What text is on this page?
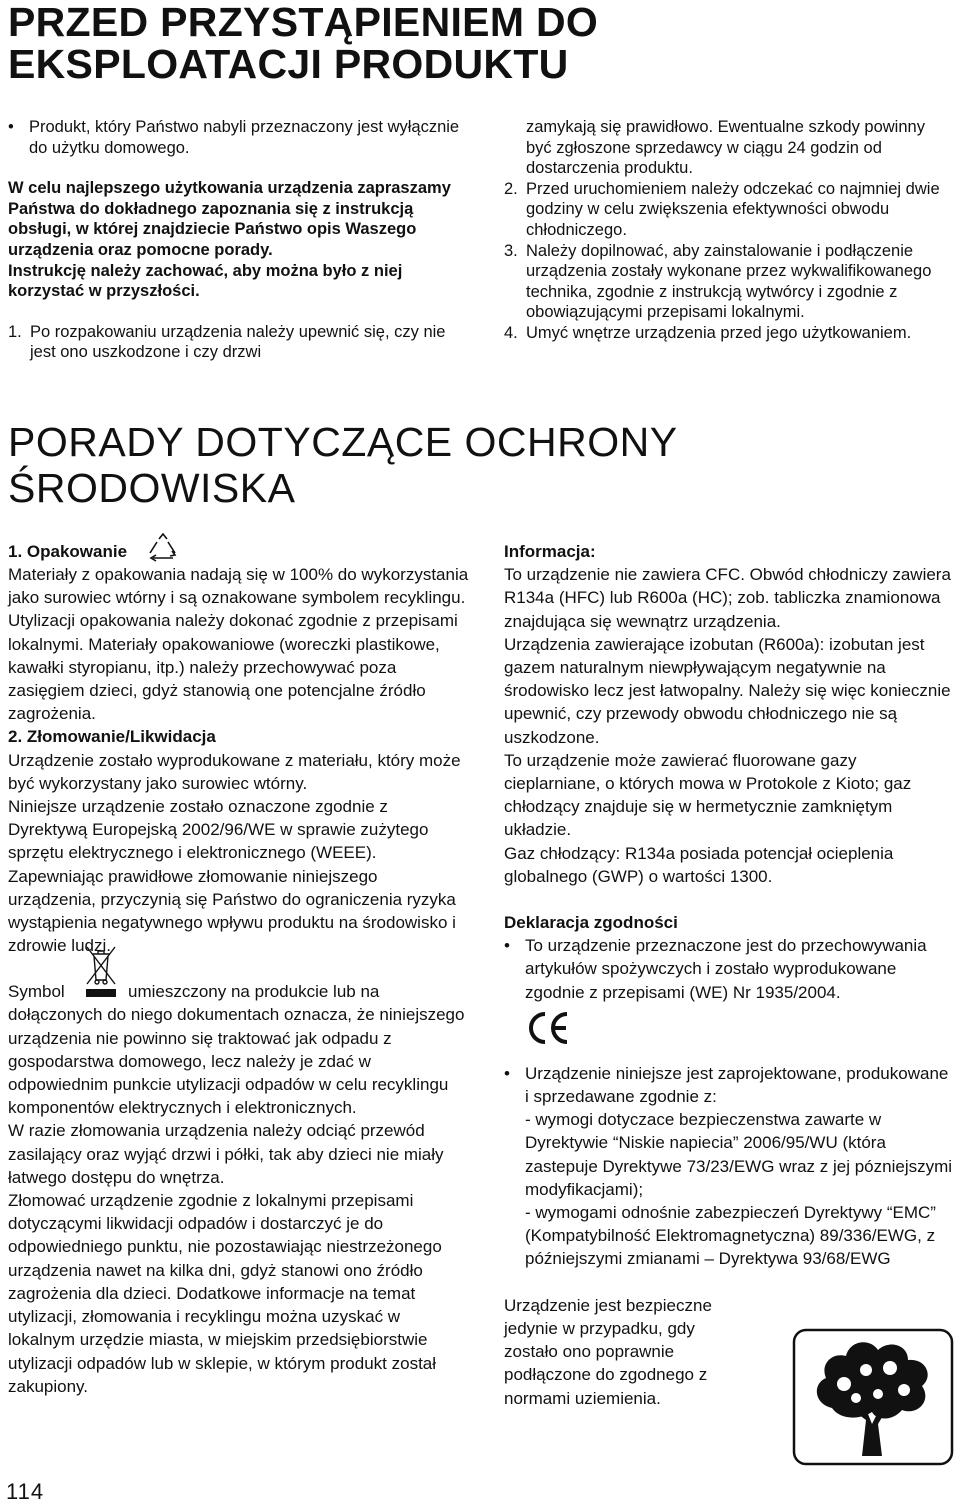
PRZED PRZYSTĄPIENIEM DO
EKSPLOATACJI PRODUKTU

• Produkt, który Państwo nabyli przeznaczony jest wyłącznie do użytku domowego.

W celu najlepszego użytkowania urządzenia zapraszamy Państwa do dokładnego zapoznania się z instrukcją obsługi, w której znajdziecie Państwo opis Waszego urządzenia oraz pomocne porady.

Instrukcję należy zachować, aby można było z niej korzystać w przyszłości.

1. Po rozpakowaniu urządzenia należy upewnić się, czy nie jest ono uszkodzone i czy drzwi

zamykają się prawidłowo. Ewentualne szkody powinny być zgłoszone sprzedawcy w ciągu 24 godzin od dostarczenia produktu.

2. Przed uruchomieniem należy odczekać co najmniej dwie godziny w celu zwiększenia efektywności obwodu chłodniczego.

3. Należy dopilnować, aby zainstalowanie i podłączenie urządzenia zostały wykonane przez wykwalifikowanego technika, zgodnie z instrukcją wytwórcy i zgodnie z obowiązującymi przepisami lokalnymi.

4. Umyć wnętrze urządzenia przed jego użytkowaniem.

PORADY DOTYCZĄCE OCHRONY
ŚRODOWISKA
1. Opakowanie

Materiały z opakowania nadają się w 100% do wykorzystania jako surowiec wtórny i są oznakowane symbolem recyklingu. Utylizacji opakowania należy dokonać zgodnie z przepisami lokalnymi. Materiały opakowaniowe (woreczki plastikowe, kawałki styropianu, itp.) należy przechowywać poza zasięgiem dzieci, gdyż stanowią one potencjalne źródło zagrożenia.

2. Złomowanie/Likwidacja

Urządzenie zostało wyprodukowane z materiału, który może być wykorzystany jako surowiec wtórny.

Niniejsze urządzenie zostało oznaczone zgodnie z Dyrektywą Europejską 2002/96/WE w sprawie zużytego sprzętu elektrycznego i elektronicznego (WEEE).

Zapewniając prawidłowe złomowanie niniejszego urządzenia, przyczynią się Państwo do ograniczenia ryzyka wystąpienia negatywnego wpływu produktu na środowisko i zdrowie ludzi.

Symbol	umieszczony na produkcie lub na

dołączonych do niego dokumentach oznacza, że niniejszego urządzenia nie powinno się traktować jak odpadu z gospodarstwa domowego, lecz należy je zdać w odpowiednim punkcie utylizacji odpadów w celu recyklingu komponentów elektrycznych i elektronicznych.

W razie złomowania urządzenia należy odciąć przewód zasilający oraz wyjąć drzwi i półki, tak aby dzieci nie miały łatwego dostępu do wnętrza.

Złomować urządzenie zgodnie z lokalnymi przepisami dotyczącymi likwidacji odpadów i dostarczyć je do odpowiedniego punktu, nie pozostawiając niestrzeżonego urządzenia nawet na kilka dni, gdyż stanowi ono źródło zagrożenia dla dzieci. Dodatkowe informacje na temat utylizacji, złomowania i recyklingu można uzyskać w lokalnym urzędzie miasta, w miejskim przedsiębiorstwie utylizacji odpadów lub w sklepie, w którym produkt został zakupiony.

Informacja:

To urządzenie nie zawiera CFC. Obwód chłodniczy zawiera R134a (HFC) lub R600a (HC); zob. tabliczka znamionowa znajdująca się wewnątrz urządzenia.

Urządzenia zawierające izobutan (R600a): izobutan jest gazem naturalnym niewpływającym negatywnie na środowisko lecz jest łatwopalny. Należy się więc koniecznie upewnić, czy przewody obwodu chłodniczego nie są uszkodzone.

To urządzenie może zawierać fluorowane gazy cieplarniane, o których mowa w Protokole z Kioto; gaz chłodzący znajduje się w hermetycznie zamkniętym układzie.

Gaz chłodzący: R134a posiada potencjał ocieplenia globalnego (GWP) o wartości 1300.

Deklaracja zgodności

• To urządzenie przeznaczone jest do przechowywania artykułów spożywczych i zostało wyprodukowane zgodnie z przepisami (WE) Nr 1935/2004.

• Urządzenie niniejsze jest zaprojektowane, produkowane i sprzedawane zgodnie z:

- wymogi dotyczace bezpieczenstwa zawarte w Dyrektywie “Niskie napiecia” 2006/95/WU (która zastepuje Dyrektywe 73/23/EWG wraz z jej pózniejszymi modyfikacjami);

- wymogami odnośnie zabezpieczeń Dyrektywy “EMC” (Kompatybilność Elektromagnetyczna) 89/336/EWG, z późniejszymi zmianami – Dyrektywa 93/68/EWG

Urządzenie jest bezpieczne jedynie w przypadku, gdy zostało ono poprawnie podłączone do zgodnego z normami uziemienia.

114
